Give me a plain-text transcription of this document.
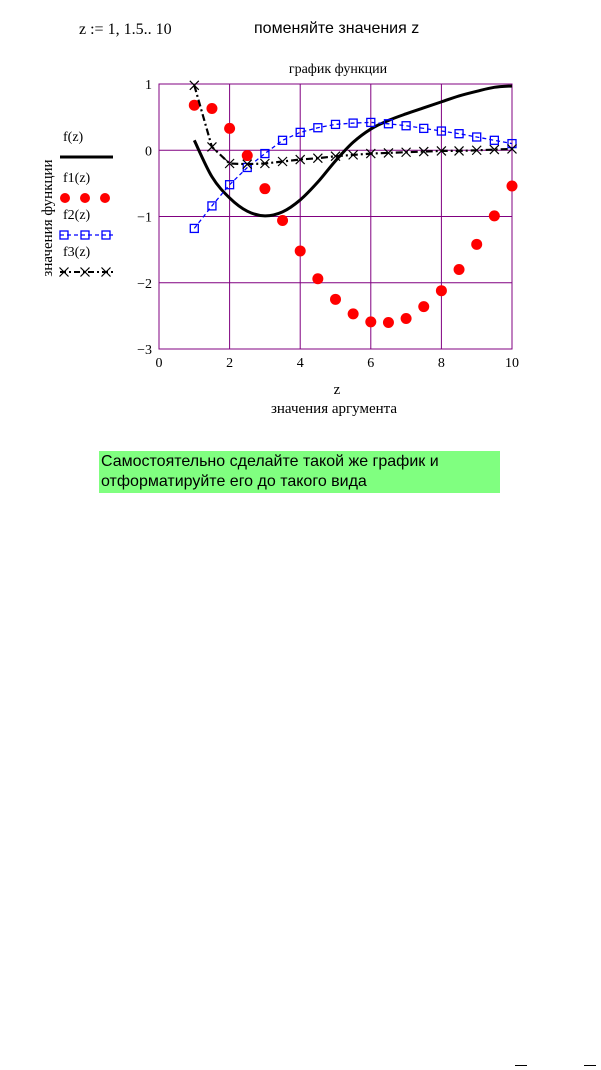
z := 1, 1.5.. 10	поменяйте значения z
0	2	4	6	8	10
1
0
−1
−2
−3
график функции
z
значения аргумента
значения функции
f(z)
f1(z)
f2(z)
f3(z)
Самостоятельно сделайте такой же график и
отформатируйте его до такого вида
